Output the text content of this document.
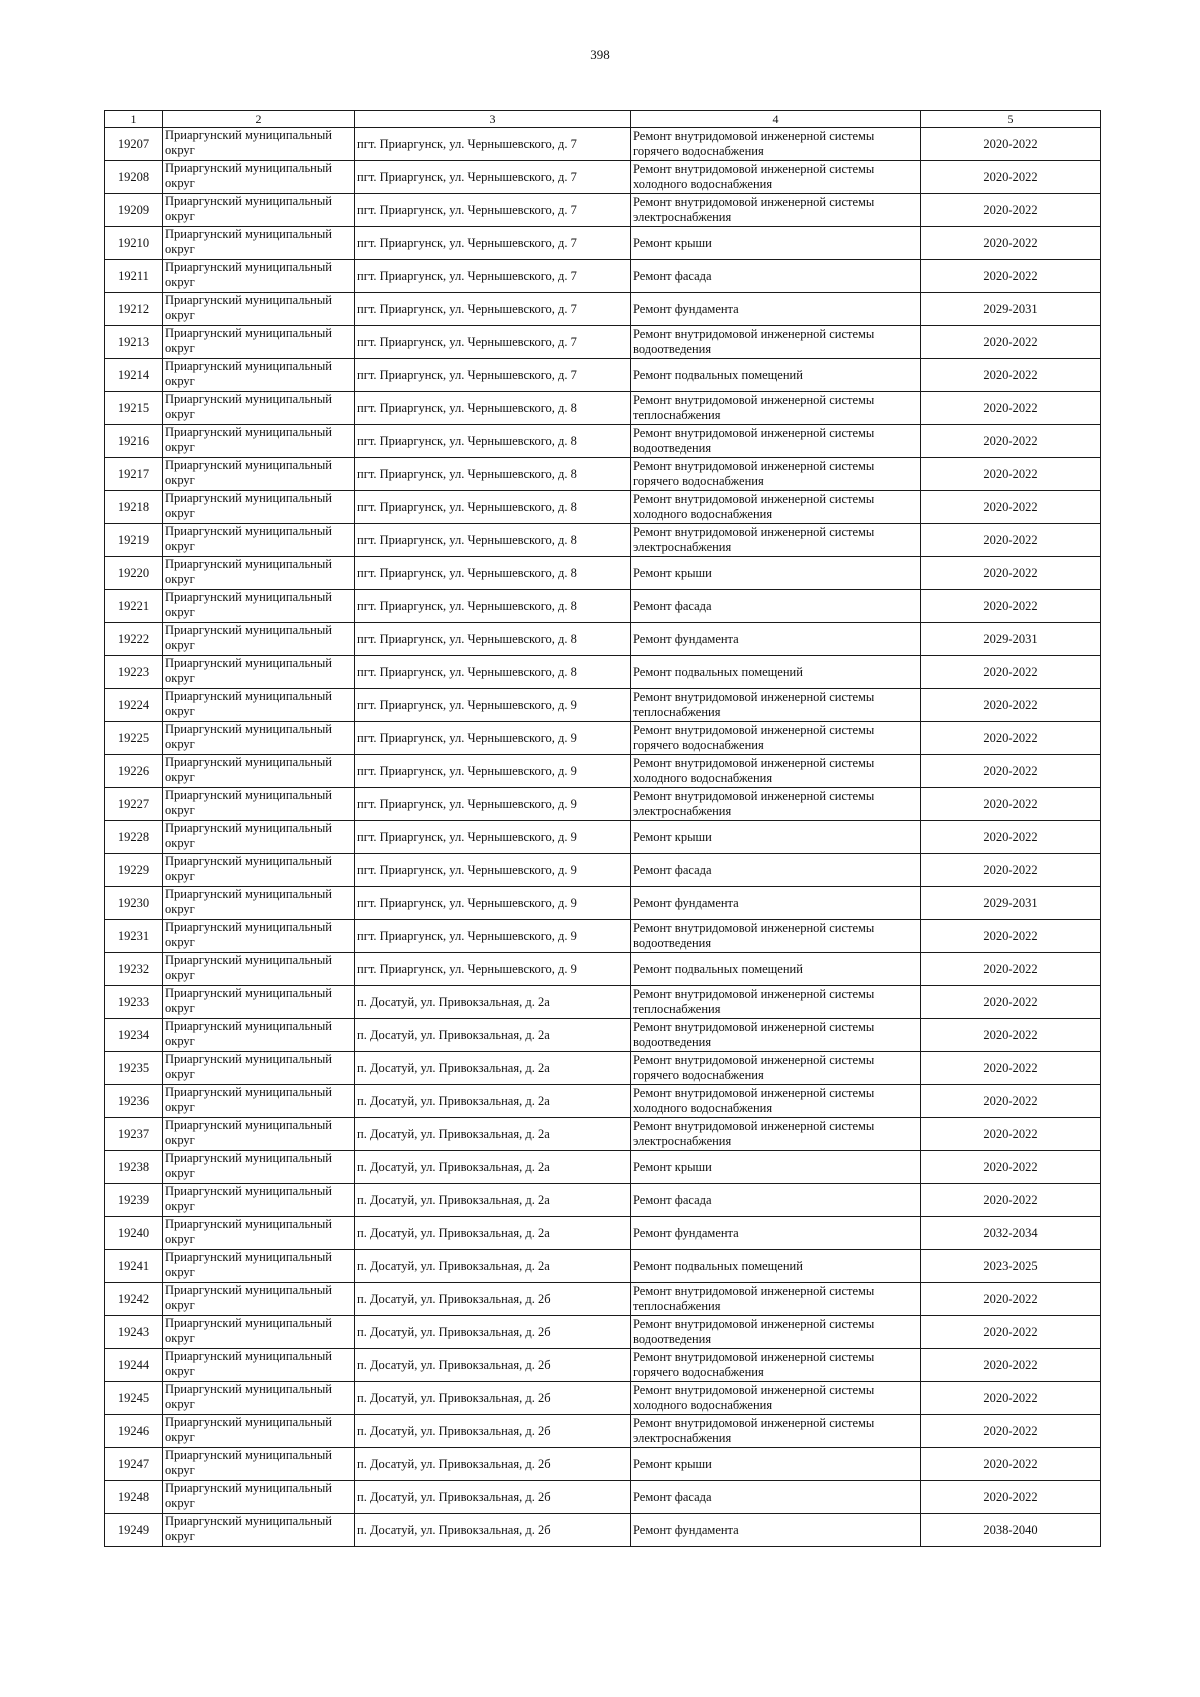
398
1	2	3	4	5
19207	Приаргунский муниципальный округ	пгт. Приаргунск, ул. Чернышевского, д. 7	Ремонт внутридомовой инженерной системы горячего водоснабжения	2020-2022
19208	Приаргунский муниципальный округ	пгт. Приаргунск, ул. Чернышевского, д. 7	Ремонт внутридомовой инженерной системы холодного водоснабжения	2020-2022
19209	Приаргунский муниципальный округ	пгт. Приаргунск, ул. Чернышевского, д. 7	Ремонт внутридомовой инженерной системы электроснабжения	2020-2022
19210	Приаргунский муниципальный округ	пгт. Приаргунск, ул. Чернышевского, д. 7	Ремонт крыши	2020-2022
19211	Приаргунский муниципальный округ	пгт. Приаргунск, ул. Чернышевского, д. 7	Ремонт фасада	2020-2022
19212	Приаргунский муниципальный округ	пгт. Приаргунск, ул. Чернышевского, д. 7	Ремонт фундамента	2029-2031
19213	Приаргунский муниципальный округ	пгт. Приаргунск, ул. Чернышевского, д. 7	Ремонт внутридомовой инженерной системы водоотведения	2020-2022
19214	Приаргунский муниципальный округ	пгт. Приаргунск, ул. Чернышевского, д. 7	Ремонт подвальных помещений	2020-2022
19215	Приаргунский муниципальный округ	пгт. Приаргунск, ул. Чернышевского, д. 8	Ремонт внутридомовой инженерной системы теплоснабжения	2020-2022
19216	Приаргунский муниципальный округ	пгт. Приаргунск, ул. Чернышевского, д. 8	Ремонт внутридомовой инженерной системы водоотведения	2020-2022
19217	Приаргунский муниципальный округ	пгт. Приаргунск, ул. Чернышевского, д. 8	Ремонт внутридомовой инженерной системы горячего водоснабжения	2020-2022
19218	Приаргунский муниципальный округ	пгт. Приаргунск, ул. Чернышевского, д. 8	Ремонт внутридомовой инженерной системы холодного водоснабжения	2020-2022
19219	Приаргунский муниципальный округ	пгт. Приаргунск, ул. Чернышевского, д. 8	Ремонт внутридомовой инженерной системы электроснабжения	2020-2022
19220	Приаргунский муниципальный округ	пгт. Приаргунск, ул. Чернышевского, д. 8	Ремонт крыши	2020-2022
19221	Приаргунский муниципальный округ	пгт. Приаргунск, ул. Чернышевского, д. 8	Ремонт фасада	2020-2022
19222	Приаргунский муниципальный округ	пгт. Приаргунск, ул. Чернышевского, д. 8	Ремонт фундамента	2029-2031
19223	Приаргунский муниципальный округ	пгт. Приаргунск, ул. Чернышевского, д. 8	Ремонт подвальных помещений	2020-2022
19224	Приаргунский муниципальный округ	пгт. Приаргунск, ул. Чернышевского, д. 9	Ремонт внутридомовой инженерной системы теплоснабжения	2020-2022
19225	Приаргунский муниципальный округ	пгт. Приаргунск, ул. Чернышевского, д. 9	Ремонт внутридомовой инженерной системы горячего водоснабжения	2020-2022
19226	Приаргунский муниципальный округ	пгт. Приаргунск, ул. Чернышевского, д. 9	Ремонт внутридомовой инженерной системы холодного водоснабжения	2020-2022
19227	Приаргунский муниципальный округ	пгт. Приаргунск, ул. Чернышевского, д. 9	Ремонт внутридомовой инженерной системы электроснабжения	2020-2022
19228	Приаргунский муниципальный округ	пгт. Приаргунск, ул. Чернышевского, д. 9	Ремонт крыши	2020-2022
19229	Приаргунский муниципальный округ	пгт. Приаргунск, ул. Чернышевского, д. 9	Ремонт фасада	2020-2022
19230	Приаргунский муниципальный округ	пгт. Приаргунск, ул. Чернышевского, д. 9	Ремонт фундамента	2029-2031
19231	Приаргунский муниципальный округ	пгт. Приаргунск, ул. Чернышевского, д. 9	Ремонт внутридомовой инженерной системы водоотведения	2020-2022
19232	Приаргунский муниципальный округ	пгт. Приаргунск, ул. Чернышевского, д. 9	Ремонт подвальных помещений	2020-2022
19233	Приаргунский муниципальный округ	п. Досатуй, ул. Привокзальная, д. 2а	Ремонт внутридомовой инженерной системы теплоснабжения	2020-2022
19234	Приаргунский муниципальный округ	п. Досатуй, ул. Привокзальная, д. 2а	Ремонт внутридомовой инженерной системы водоотведения	2020-2022
19235	Приаргунский муниципальный округ	п. Досатуй, ул. Привокзальная, д. 2а	Ремонт внутридомовой инженерной системы горячего водоснабжения	2020-2022
19236	Приаргунский муниципальный округ	п. Досатуй, ул. Привокзальная, д. 2а	Ремонт внутридомовой инженерной системы холодного водоснабжения	2020-2022
19237	Приаргунский муниципальный округ	п. Досатуй, ул. Привокзальная, д. 2а	Ремонт внутридомовой инженерной системы электроснабжения	2020-2022
19238	Приаргунский муниципальный округ	п. Досатуй, ул. Привокзальная, д. 2а	Ремонт крыши	2020-2022
19239	Приаргунский муниципальный округ	п. Досатуй, ул. Привокзальная, д. 2а	Ремонт фасада	2020-2022
19240	Приаргунский муниципальный округ	п. Досатуй, ул. Привокзальная, д. 2а	Ремонт фундамента	2032-2034
19241	Приаргунский муниципальный округ	п. Досатуй, ул. Привокзальная, д. 2а	Ремонт подвальных помещений	2023-2025
19242	Приаргунский муниципальный округ	п. Досатуй, ул. Привокзальная, д. 2б	Ремонт внутридомовой инженерной системы теплоснабжения	2020-2022
19243	Приаргунский муниципальный округ	п. Досатуй, ул. Привокзальная, д. 2б	Ремонт внутридомовой инженерной системы водоотведения	2020-2022
19244	Приаргунский муниципальный округ	п. Досатуй, ул. Привокзальная, д. 2б	Ремонт внутридомовой инженерной системы горячего водоснабжения	2020-2022
19245	Приаргунский муниципальный округ	п. Досатуй, ул. Привокзальная, д. 2б	Ремонт внутридомовой инженерной системы холодного водоснабжения	2020-2022
19246	Приаргунский муниципальный округ	п. Досатуй, ул. Привокзальная, д. 2б	Ремонт внутридомовой инженерной системы электроснабжения	2020-2022
19247	Приаргунский муниципальный округ	п. Досатуй, ул. Привокзальная, д. 2б	Ремонт крыши	2020-2022
19248	Приаргунский муниципальный округ	п. Досатуй, ул. Привокзальная, д. 2б	Ремонт фасада	2020-2022
19249	Приаргунский муниципальный округ	п. Досатуй, ул. Привокзальная, д. 2б	Ремонт фундамента	2038-2040
